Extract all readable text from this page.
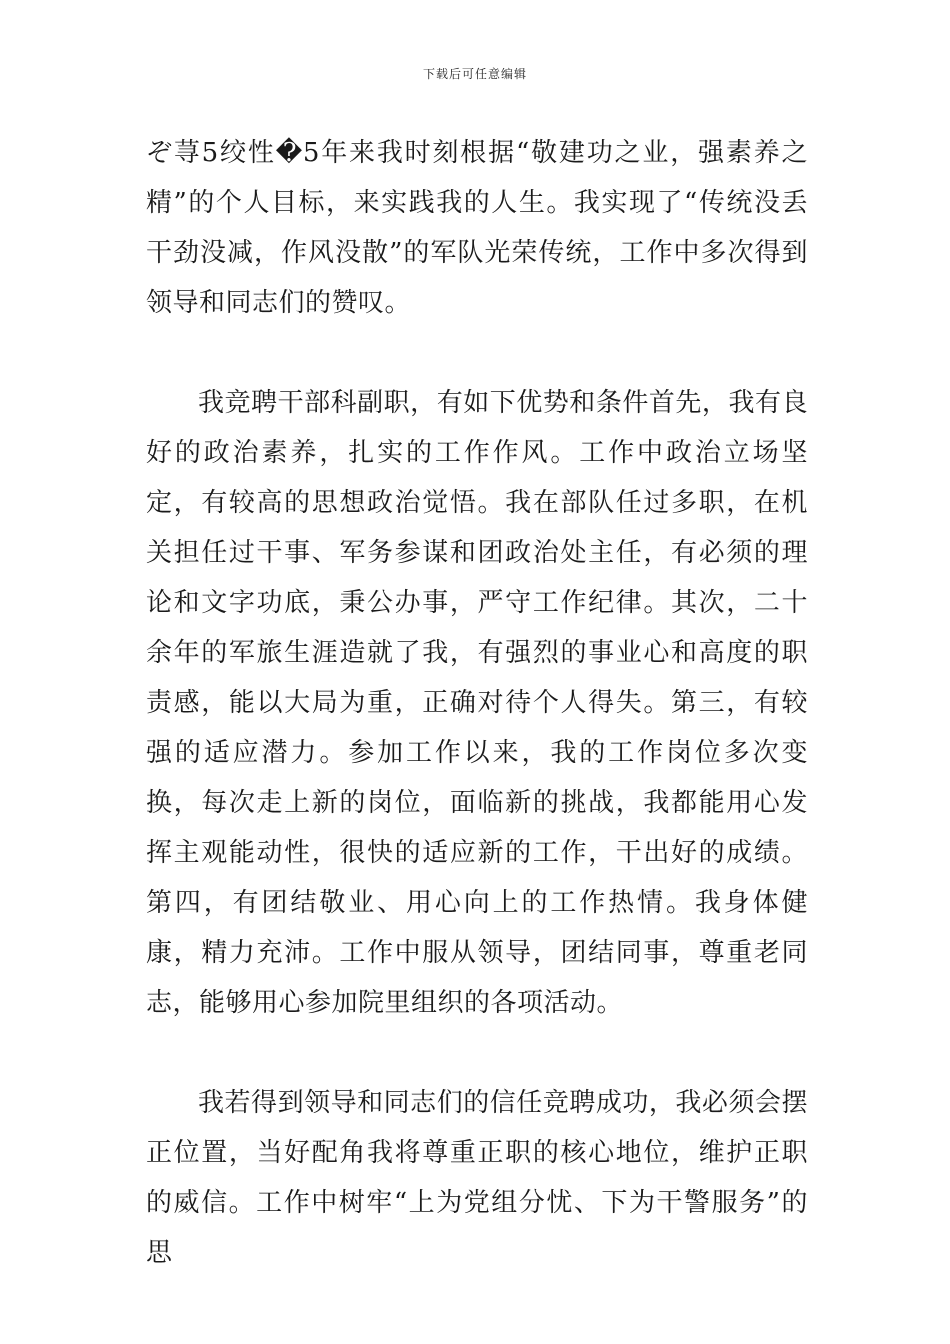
下载后可任意编辑

ぞ荨5绞性�5年来我时刻根据“敬建功之业，强素养之精”的个人目标，来实践我的人生。我实现了“传统没丢干劲没减，作风没散”的军队光荣传统，工作中多次得到领导和同志们的赞叹。

我竞聘干部科副职，有如下优势和条件首先，我有良好的政治素养，扎实的工作作风。工作中政治立场坚定，有较高的思想政治觉悟。我在部队任过多职，在机关担任过干事、军务参谋和团政治处主任，有必须的理论和文字功底，秉公办事，严守工作纪律。其次，二十余年的军旅生涯造就了我，有强烈的事业心和高度的职责感，能以大局为重，正确对待个人得失。第三，有较强的适应潜力。参加工作以来，我的工作岗位多次变换，每次走上新的岗位，面临新的挑战，我都能用心发挥主观能动性，很快的适应新的工作，干出好的成绩。第四，有团结敬业、用心向上的工作热情。我身体健康，精力充沛。工作中服从领导，团结同事，尊重老同志，能够用心参加院里组织的各项活动。

我若得到领导和同志们的信任竞聘成功，我必须会摆正位置，当好配角我将尊重正职的核心地位，维护正职的威信。工作中树牢“上为党组分忧、下为干警服务”的思
